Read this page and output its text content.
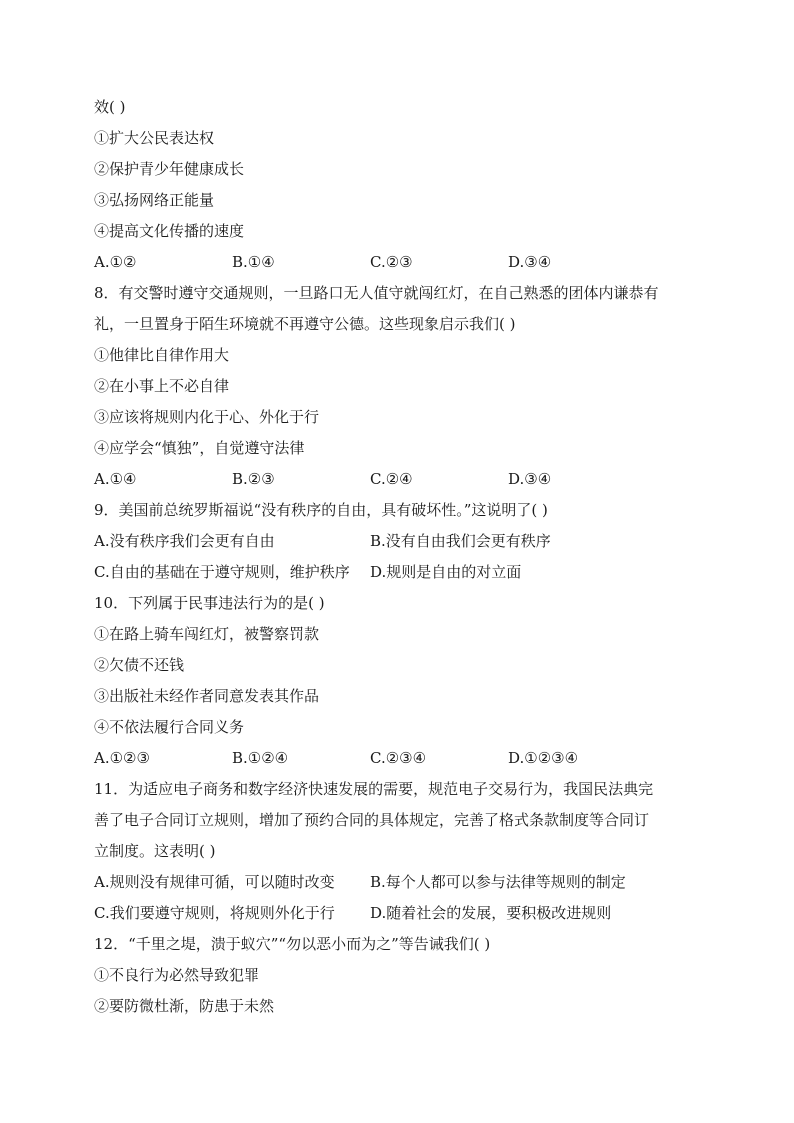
效( )
①扩大公民表达权
②保护青少年健康成长
③弘扬网络正能量
④提高文化传播的速度
A.①②	B.①④	C.②③	D.③④
8．有交警时遵守交通规则，一旦路口无人值守就闯红灯，在自己熟悉的团体内谦恭有
礼，一旦置身于陌生环境就不再遵守公德。这些现象启示我们( )
①他律比自律作用大
②在小事上不必自律
③应该将规则内化于心、外化于行
④应学会“慎独”，自觉遵守法律
A.①④	B.②③	C.②④	D.③④
9．美国前总统罗斯福说“没有秩序的自由，具有破坏性。”这说明了( )
A.没有秩序我们会更有自由	B.没有自由我们会更有秩序
C.自由的基础在于遵守规则，维护秩序	D.规则是自由的对立面
10．下列属于民事违法行为的是( )
①在路上骑车闯红灯，被警察罚款
②欠债不还钱
③出版社未经作者同意发表其作品
④不依法履行合同义务
A.①②③	B.①②④	C.②③④	D.①②③④
11．为适应电子商务和数字经济快速发展的需要，规范电子交易行为，我国民法典完
善了电子合同订立规则，增加了预约合同的具体规定，完善了格式条款制度等合同订
立制度。这表明( )
A.规则没有规律可循，可以随时改变	B.每个人都可以参与法律等规则的制定
C.我们要遵守规则，将规则外化于行	D.随着社会的发展，要积极改进规则
12．“千里之堤，溃于蚁穴”“勿以恶小而为之”等告诫我们( )
①不良行为必然导致犯罪
②要防微杜渐，防患于未然
